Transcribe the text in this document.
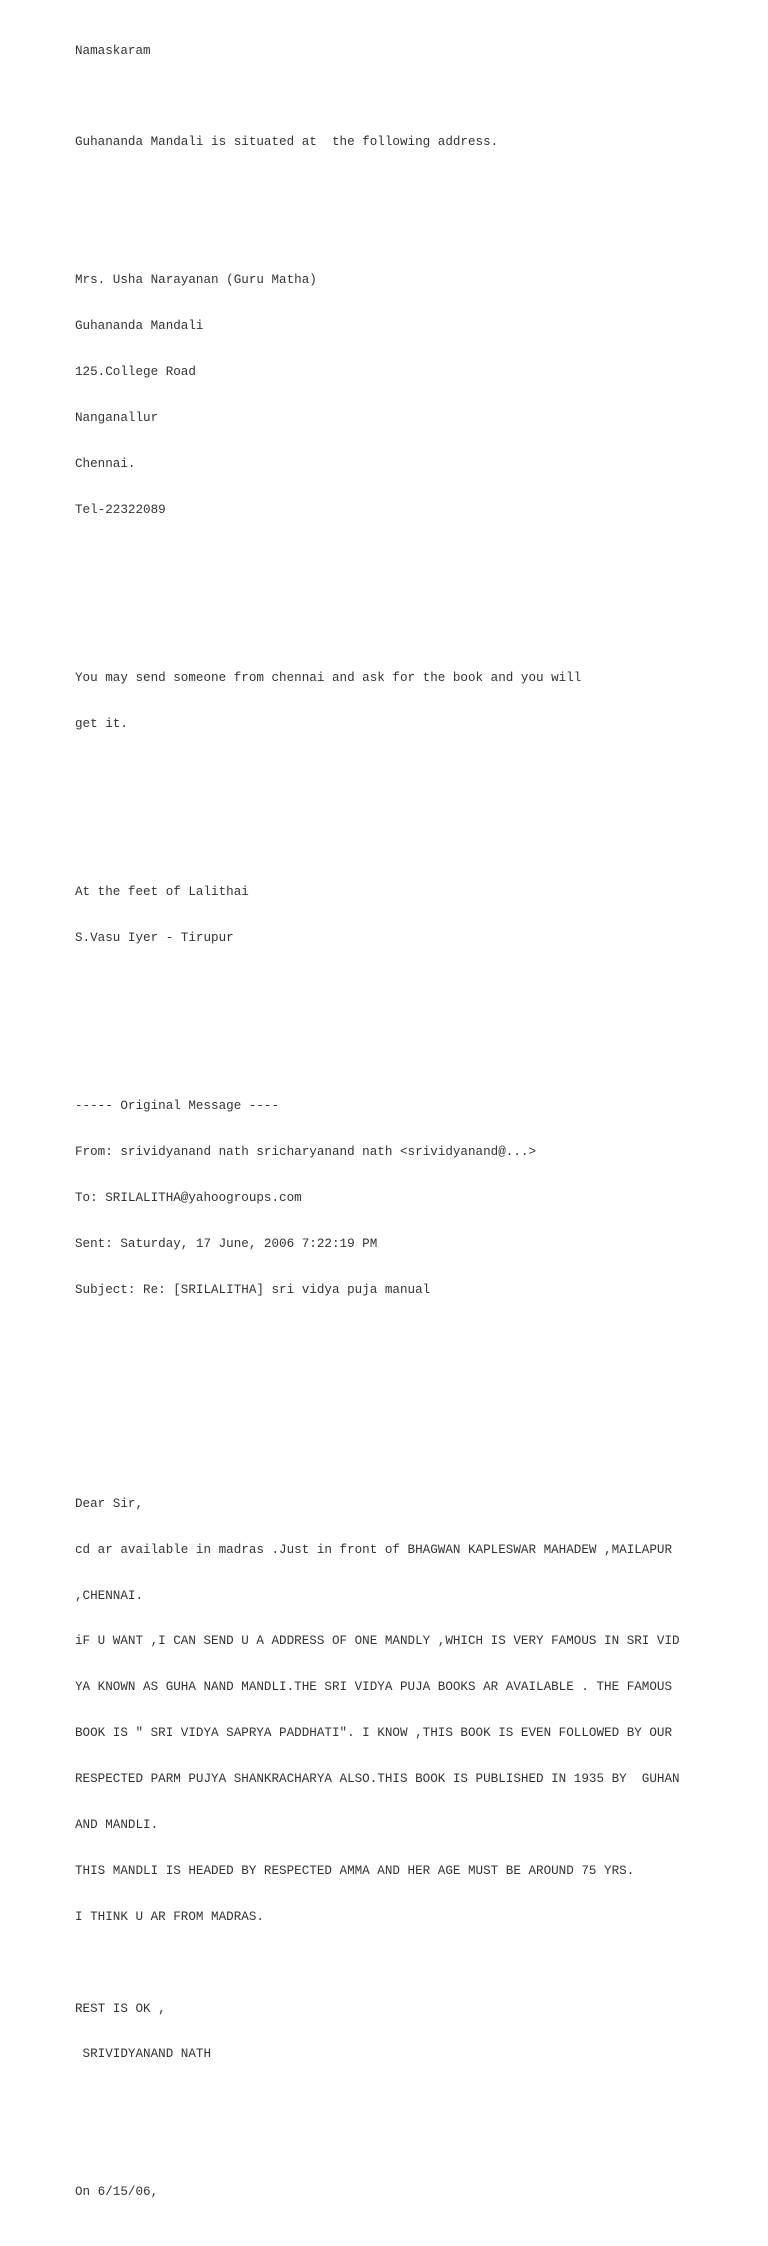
Namaskaram

Guhananda Mandali is situated at  the following address.

Mrs. Usha Narayanan (Guru Matha)

Guhananda Mandali

125.College Road

Nanganallur

Chennai.

Tel-22322089

You may send someone from chennai and ask for the book and you will

get it.

At the feet of Lalithai

S.Vasu Iyer - Tirupur

----- Original Message ----

From: srividyanand nath sricharyanand nath <srividyanand@...>

To: SRILALITHA@yahoogroups.com

Sent: Saturday, 17 June, 2006 7:22:19 PM

Subject: Re: [SRILALITHA] sri vidya puja manual

Dear Sir,

cd ar available in madras .Just in front of BHAGWAN KAPLESWAR MAHADEW ,MAILAPUR

,CHENNAI.

iF U WANT ,I CAN SEND U A ADDRESS OF ONE MANDLY ,WHICH IS VERY FAMOUS IN SRI VID

YA KNOWN AS GUHA NAND MANDLI.THE SRI VIDYA PUJA BOOKS AR AVAILABLE . THE FAMOUS

BOOK IS " SRI VIDYA SAPRYA PADDHATI". I KNOW ,THIS BOOK IS EVEN FOLLOWED BY OUR

RESPECTED PARM PUJYA SHANKRACHARYA ALSO.THIS BOOK IS PUBLISHED IN 1935 BY  GUHAN

AND MANDLI.

THIS MANDLI IS HEADED BY RESPECTED AMMA AND HER AGE MUST BE AROUND 75 YRS.

I THINK U AR FROM MADRAS.

REST IS OK ,

SRIVIDYANAND NATH

On 6/15/06,
